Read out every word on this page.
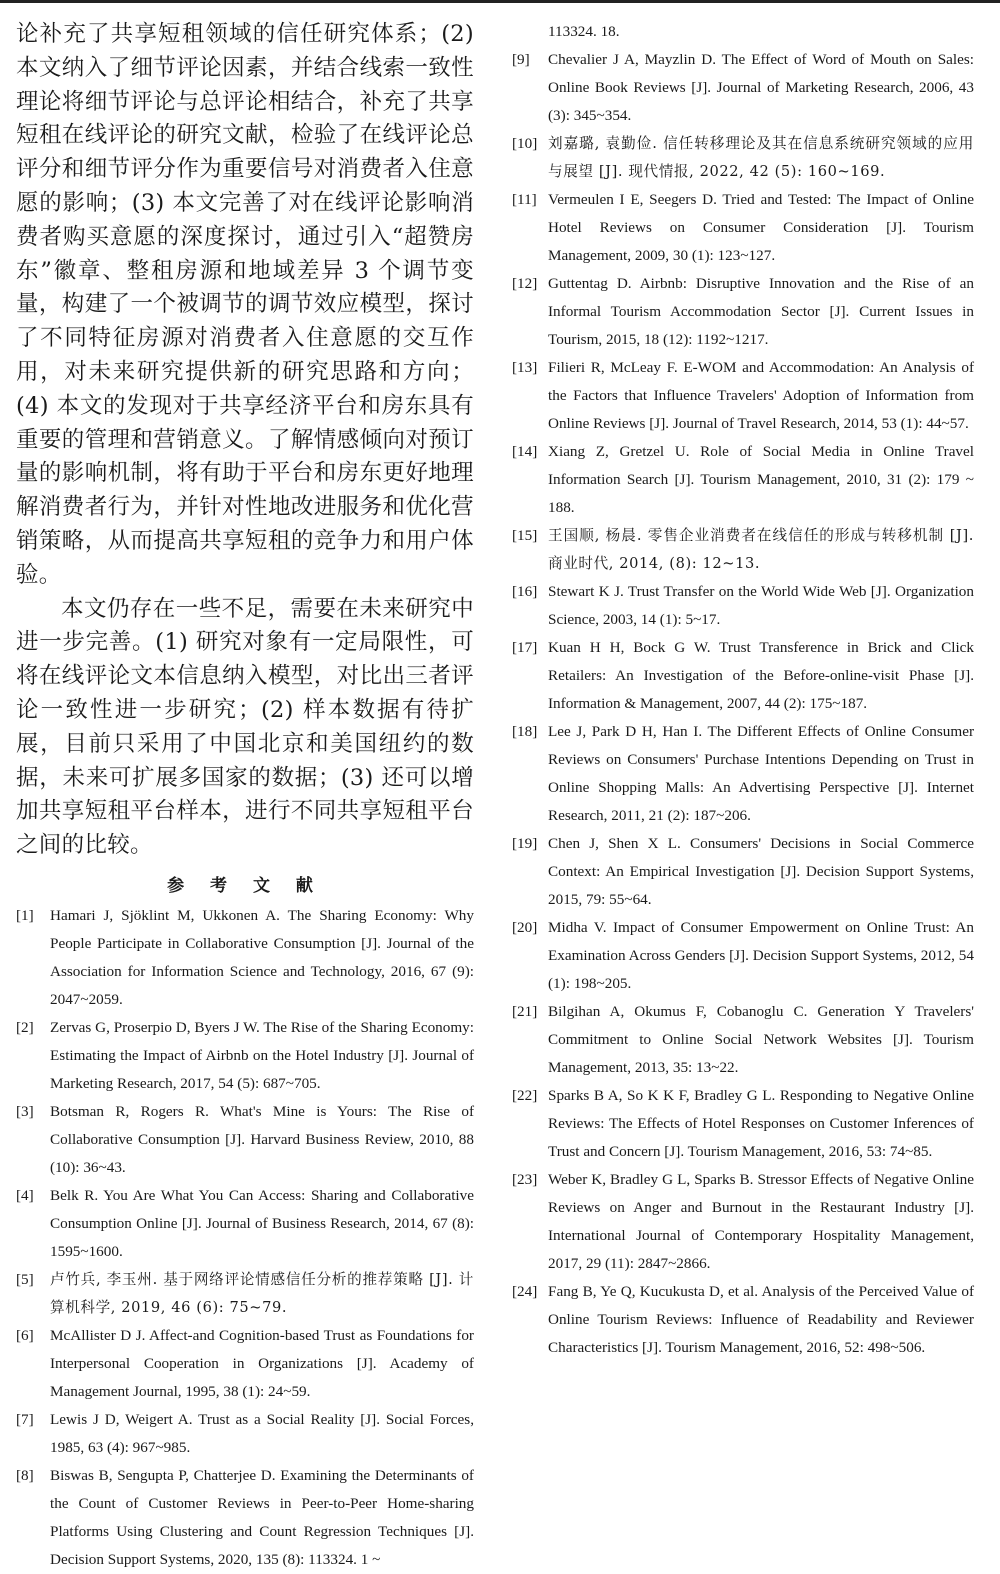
论补充了共享短租领域的信任研究体系；(2) 本文纳入了细节评论因素，并结合线索一致性理论将细节评论与总评论相结合，补充了共享短租在线评论的研究文献，检验了在线评论总评分和细节评分作为重要信号对消费者入住意愿的影响；(3) 本文完善了对在线评论影响消费者购买意愿的深度探讨，通过引入“超赞房东”徽章、整租房源和地域差异 3 个调节变量，构建了一个被调节的调节效应模型，探讨了不同特征房源对消费者入住意愿的交互作用，对未来研究提供新的研究思路和方向；(4) 本文的发现对于共享经济平台和房东具有重要的管理和营销意义。了解情感倾向对预订量的影响机制，将有助于平台和房东更好地理解消费者行为，并针对性地改进服务和优化营销策略，从而提高共享短租的竞争力和用户体验。

本文仍存在一些不足，需要在未来研究中进一步完善。(1) 研究对象有一定局限性，可将在线评论文本信息纳入模型，对比出三者评论一致性进一步研究；(2) 样本数据有待扩展，目前只采用了中国北京和美国纽约的数据，未来可扩展多国家的数据；(3) 还可以增加共享短租平台样本，进行不同共享短租平台之间的比较。

参 考 文 献
[1]	Hamari J, Sjöklint M, Ukkonen A. The Sharing Economy: Why People Participate in Collaborative Consumption [J]. Journal of the Association for Information Science and Technology, 2016, 67 (9): 2047~2059.
[2]	Zervas G, Proserpio D, Byers J W. The Rise of the Sharing Economy: Estimating the Impact of Airbnb on the Hotel Industry [J]. Journal of Marketing Research, 2017, 54 (5): 687~705.
[3]	Botsman R, Rogers R. What's Mine is Yours: The Rise of Collaborative Consumption [J]. Harvard Business Review, 2010, 88 (10): 36~43.
[4]	Belk R. You Are What You Can Access: Sharing and Collaborative Consumption Online [J]. Journal of Business Research, 2014, 67 (8): 1595~1600.
[5]	卢竹兵, 李玉州. 基于网络评论情感信任分析的推荐策略 [J]. 计算机科学, 2019, 46 (6): 75~79.
[6]	McAllister D J. Affect-and Cognition-based Trust as Foundations for Interpersonal Cooperation in Organizations [J]. Academy of Management Journal, 1995, 38 (1): 24~59.
[7]	Lewis J D, Weigert A. Trust as a Social Reality [J]. Social Forces, 1985, 63 (4): 967~985.
[8]	Biswas B, Sengupta P, Chatterjee D. Examining the Determinants of the Count of Customer Reviews in Peer-to-Peer Home-sharing Platforms Using Clustering and Count Regression Techniques [J]. Decision Support Systems, 2020, 135 (8): 113324. 1 ~

113324. 18.

[9]	Chevalier J A, Mayzlin D. The Effect of Word of Mouth on Sales: Online Book Reviews [J]. Journal of Marketing Research, 2006, 43 (3): 345~354.
[10] 刘嘉璐, 袁勤俭. 信任转移理论及其在信息系统研究领域的应用与展望 [J]. 现代情报, 2022, 42 (5): 160~169.
[11] Vermeulen I E, Seegers D. Tried and Tested: The Impact of Online Hotel Reviews on Consumer Consideration [J]. Tourism Management, 2009, 30 (1): 123~127.
[12] Guttentag D. Airbnb: Disruptive Innovation and the Rise of an Informal Tourism Accommodation Sector [J]. Current Issues in Tourism, 2015, 18 (12): 1192~1217.
[13] Filieri R, McLeay F. E-WOM and Accommodation: An Analysis of the Factors that Influence Travelers' Adoption of Information from Online Reviews [J]. Journal of Travel Research, 2014, 53 (1): 44~57.
[14] Xiang Z, Gretzel U. Role of Social Media in Online Travel Information Search [J]. Tourism Management, 2010, 31 (2): 179 ~ 188.
[15] 王国顺, 杨晨. 零售企业消费者在线信任的形成与转移机制 [J]. 商业时代, 2014, (8): 12~13.
[16] Stewart K J. Trust Transfer on the World Wide Web [J]. Organization Science, 2003, 14 (1): 5~17.
[17] Kuan H H, Bock G W. Trust Transference in Brick and Click Retailers: An Investigation of the Before-online-visit Phase [J]. Information & Management, 2007, 44 (2): 175~187.
[18] Lee J, Park D H, Han I. The Different Effects of Online Consumer Reviews on Consumers' Purchase Intentions Depending on Trust in Online Shopping Malls: An Advertising Perspective [J]. Internet Research, 2011, 21 (2): 187~206.
[19] Chen J, Shen X L. Consumers' Decisions in Social Commerce Context: An Empirical Investigation [J]. Decision Support Systems, 2015, 79: 55~64.
[20] Midha V. Impact of Consumer Empowerment on Online Trust: An Examination Across Genders [J]. Decision Support Systems, 2012, 54 (1): 198~205.
[21] Bilgihan A, Okumus F, Cobanoglu C. Generation Y Travelers' Commitment to Online Social Network Websites [J]. Tourism Management, 2013, 35: 13~22.
[22] Sparks B A, So K K F, Bradley G L. Responding to Negative Online Reviews: The Effects of Hotel Responses on Customer Inferences of Trust and Concern [J]. Tourism Management, 2016, 53: 74~85.
[23] Weber K, Bradley G L, Sparks B. Stressor Effects of Negative Online Reviews on Anger and Burnout in the Restaurant Industry [J]. International Journal of Contemporary Hospitality Management, 2017, 29 (11): 2847~2866.
[24] Fang B, Ye Q, Kucukusta D, et al. Analysis of the Perceived Value of Online Tourism Reviews: Influence of Readability and Reviewer Characteristics [J]. Tourism Management, 2016, 52: 498~506.
